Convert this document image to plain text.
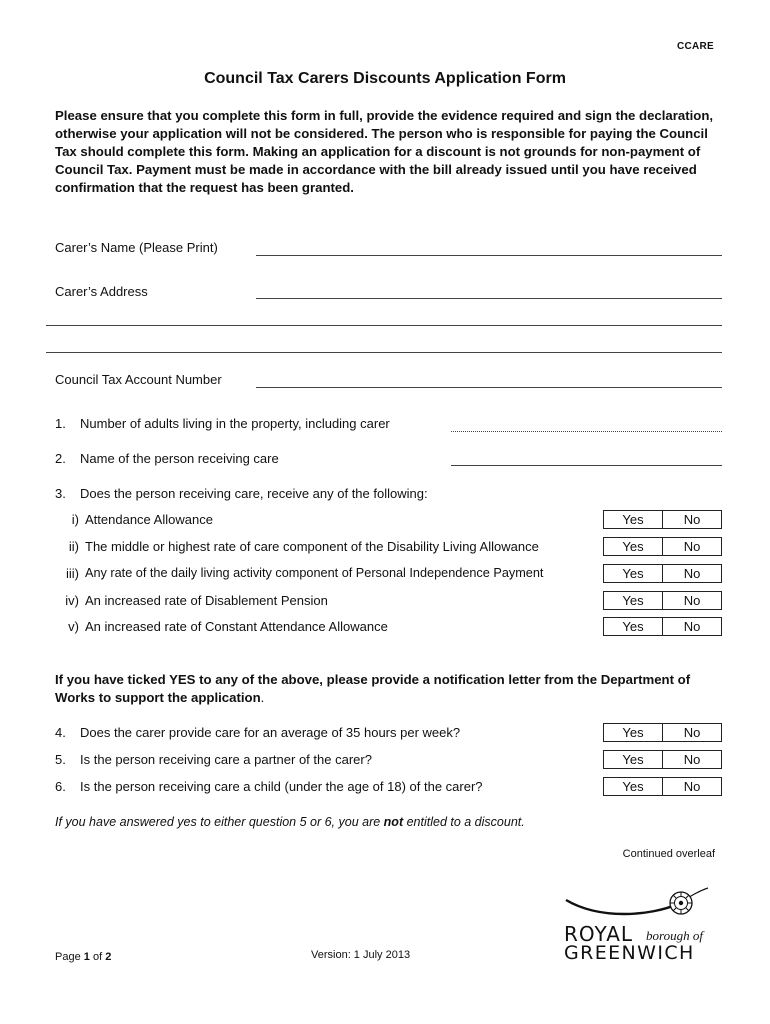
CCARE
Council Tax Carers Discounts Application Form
Please ensure that you complete this form in full, provide the evidence required and sign the declaration, otherwise your application will not be considered. The person who is responsible for paying the Council Tax should complete this form. Making an application for a discount is not grounds for non-payment of Council Tax. Payment must be made in accordance with the bill already issued until you have received confirmation that the request has been granted.
Carer’s Name (Please Print)
Carer’s Address
Council Tax Account Number
1. Number of adults living in the property, including carer
2. Name of the person receiving care
3. Does the person receiving care, receive any of the following:
i) Attendance Allowance	Yes	No
ii) The middle or highest rate of care component of the Disability Living Allowance	Yes	No
iii) Any rate of the daily living activity component of Personal Independence Payment	Yes	No
iv) An increased rate of Disablement Pension	Yes	No
v) An increased rate of Constant Attendance Allowance	Yes	No
If you have ticked YES to any of the above, please provide a notification letter from the Department of Works to support the application.
4. Does the carer provide care for an average of 35 hours per week?	Yes	No
5. Is the person receiving care a partner of the carer?	Yes	No
6. Is the person receiving care a child (under the age of 18) of the carer?	Yes	No
If you have answered yes to either question 5 or 6, you are not entitled to a discount.
Continued overleaf
ROYAL borough of
GREENWICH
Page 1 of 2	Version: 1 July 2013
